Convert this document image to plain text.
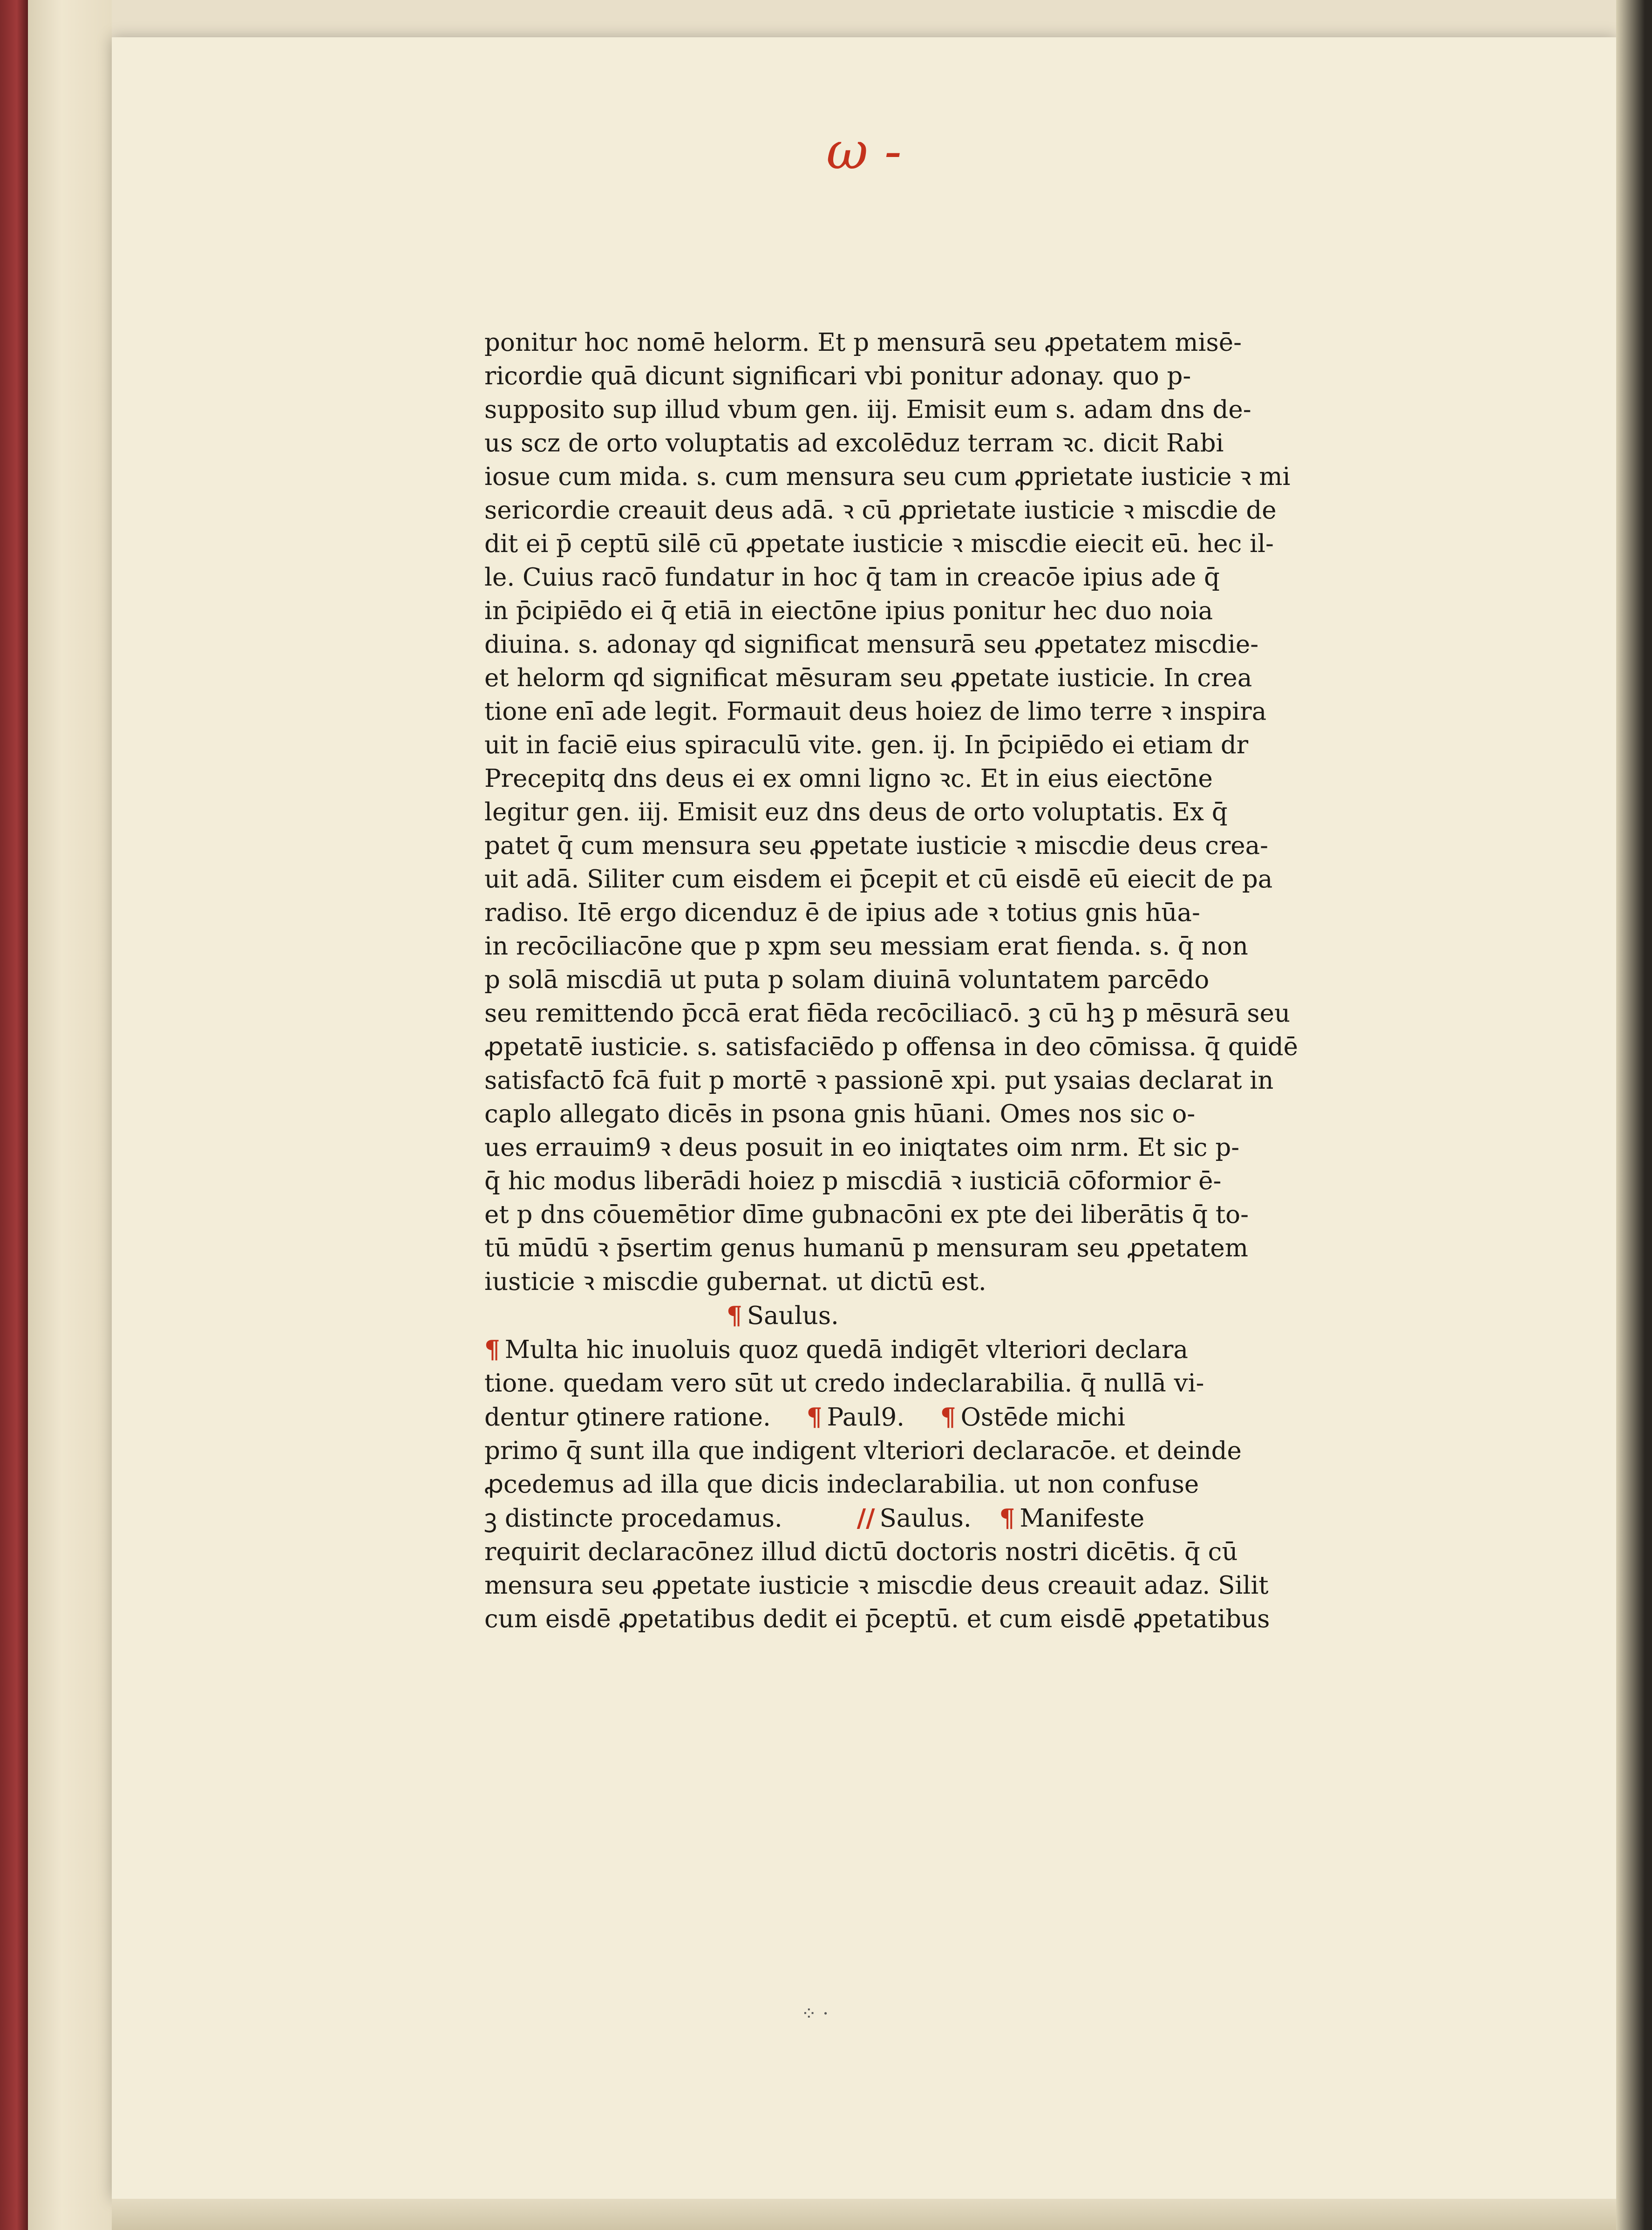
ω -
ponitur hoc nomē helorm. Et p mensurā seu ꝓpetatem misē-
ricordie quā dicunt significari vbi ponitur adonay. quo p-
supposito sup illud vbum gen. iij. Emisit eum s. adam dns de-
us scz de orto voluptatis ad excolēduz terram ꝛc. dicit Rabi
iosue cum mida. s. cum mensura seu cum ꝓprietate iusticie ꝛ mi
sericordie creauit deus adā. ꝛ cū ꝓprietate iusticie ꝛ miscdie de
dit ei p̄ ceptū silē cū ꝓpetate iusticie ꝛ miscdie eiecit eū. hec il-
le. Cuius racō fundatur in hoc q̄ tam in creacōe ipius ade q̄
in p̄cipiēdo ei q̄ etiā in eiectōne ipius ponitur hec duo noia
diuina. s. adonay qd significat mensurā seu ꝓpetatez miscdie-
et helorm qd significat mēsuram seu ꝓpetate iusticie. In crea
tione enī ade legit. Formauit deus hoiez de limo terre ꝛ inspira
uit in faciē eius spiraculū vite. gen. ij. In p̄cipiēdo ei etiam dr
Precepitq dns deus ei ex omni ligno ꝛc. Et in eius eiectōne
legitur gen. iij. Emisit euz dns deus de orto voluptatis. Ex q̄
patet q̄ cum mensura seu ꝓpetate iusticie ꝛ miscdie deus crea-
uit adā. Siliter cum eisdem ei p̄cepit et cū eisdē eū eiecit de pa
radiso. Itē ergo dicenduz ē de ipius ade ꝛ totius gnis hūa-
in recōciliacōne que p xpm seu messiam erat fienda. s. q̄ non
p solā miscdiā ut puta p solam diuinā voluntatem parcēdo
seu remittendo p̄ccā erat fiēda recōciliacō. ꝫ cū hꝫ p mēsurā seu
ꝓpetatē iusticie. s. satisfaciēdo p offensa in deo cōmissa. q̄ quidē
satisfactō fcā fuit p mortē ꝛ passionē xpi. put ysaias declarat in
caplo allegato dicēs in psona gnis hūani. Omes nos sic o-
ues errauim9 ꝛ deus posuit in eo iniqtates oim nrm. Et sic p-
q̄ hic modus liberādi hoiez p miscdiā ꝛ iusticiā cōformior ē-
et p dns cōuemētior dīme gubnacōni ex pte dei liberātis q̄ to-
tū mūdū ꝛ p̄sertim genus humanū p mensuram seu ꝓpetatem
iusticie ꝛ miscdie gubernat. ut dictū est.
¶ Saulus.
¶ Multa hic inuoluis quoz quedā indigēt vlteriori declara
tione. quedam vero sūt ut credo indeclarabilia. q̄ nullā vi-
dentur ꝯtinere ratione. ¶ Paul9. ¶ Ostēde michi
primo q̄ sunt illa que indigent vlteriori declaracōe. et deinde
ꝓcedemus ad illa que dicis indeclarabilia. ut non confuse
ꝫ distincte procedamus.	// Saulus. ¶ Manifeste
requirit declaracōnez illud dictū doctoris nostri dicētis. q̄ cū
mensura seu ꝓpetate iusticie ꝛ miscdie deus creauit adaz. Silit
cum eisdē ꝓpetatibus dedit ei p̄ceptū. et cum eisdē ꝓpetatibus
⁘ ·
